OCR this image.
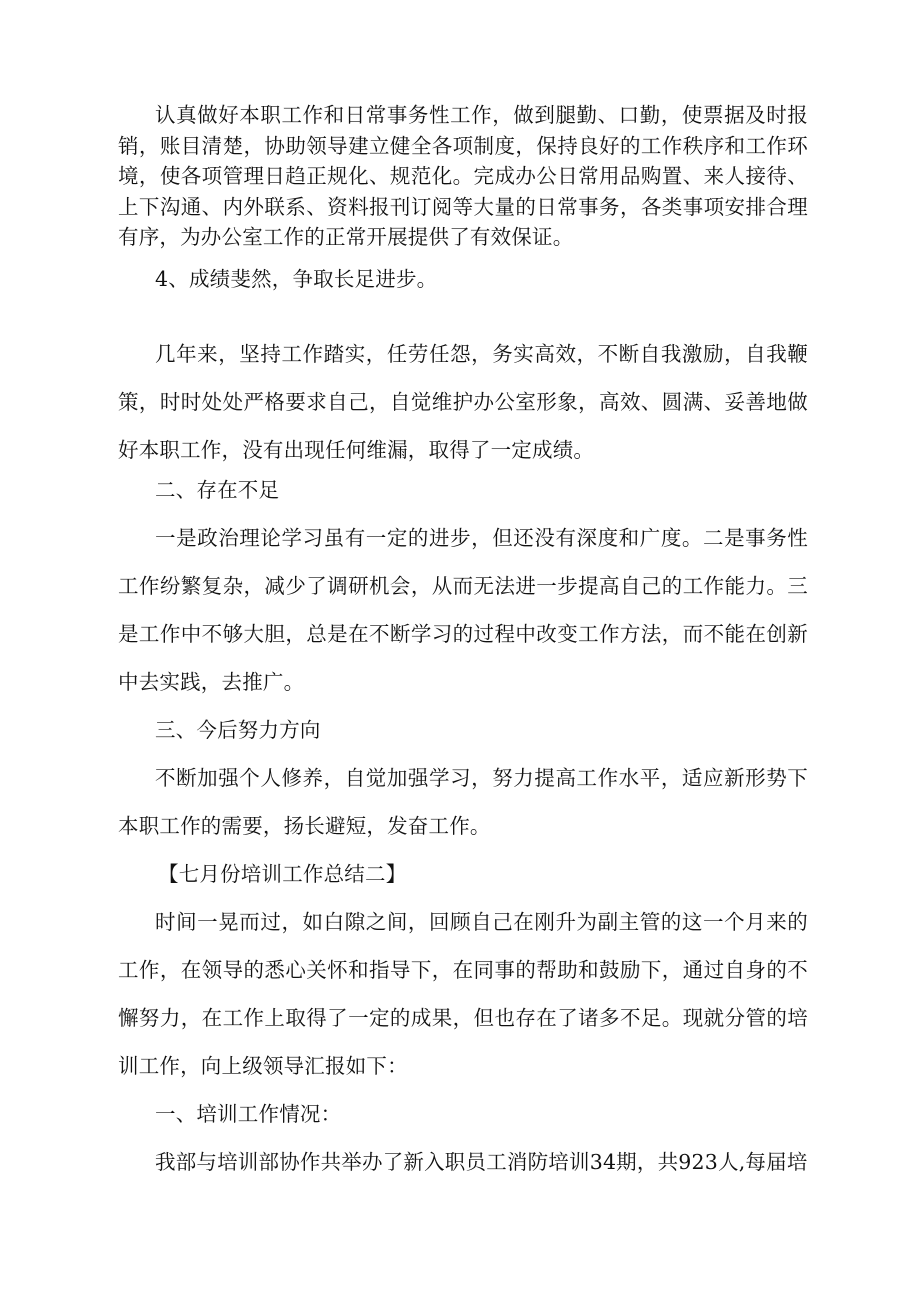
认真做好本职工作和日常事务性工作，做到腿勤、口勤，使票据及时报销，账目清楚，协助领导建立健全各项制度，保持良好的工作秩序和工作环境，使各项管理日趋正规化、规范化。完成办公日常用品购置、来人接待、上下沟通、内外联系、资料报刊订阅等大量的日常事务，各类事项安排合理有序，为办公室工作的正常开展提供了有效保证。

4、成绩斐然，争取长足进步。

几年来，坚持工作踏实，任劳任怨，务实高效，不断自我激励，自我鞭策，时时处处严格要求自己，自觉维护办公室形象，高效、圆满、妥善地做好本职工作，没有出现任何维漏，取得了一定成绩。

二、存在不足

一是政治理论学习虽有一定的进步，但还没有深度和广度。二是事务性工作纷繁复杂，减少了调研机会，从而无法进一步提高自己的工作能力。三是工作中不够大胆，总是在不断学习的过程中改变工作方法，而不能在创新中去实践，去推广。

三、今后努力方向

不断加强个人修养，自觉加强学习，努力提高工作水平，适应新形势下本职工作的需要，扬长避短，发奋工作。

【七月份培训工作总结二】

时间一晃而过，如白隙之间，回顾自己在刚升为副主管的这一个月来的工作，在领导的悉心关怀和指导下，在同事的帮助和鼓励下，通过自身的不懈努力，在工作上取得了一定的成果，但也存在了诸多不足。现就分管的培训工作，向上级领导汇报如下：

一、培训工作情况：

我部与培训部协作共举办了新入职员工消防培训34期，共923人,每届培
